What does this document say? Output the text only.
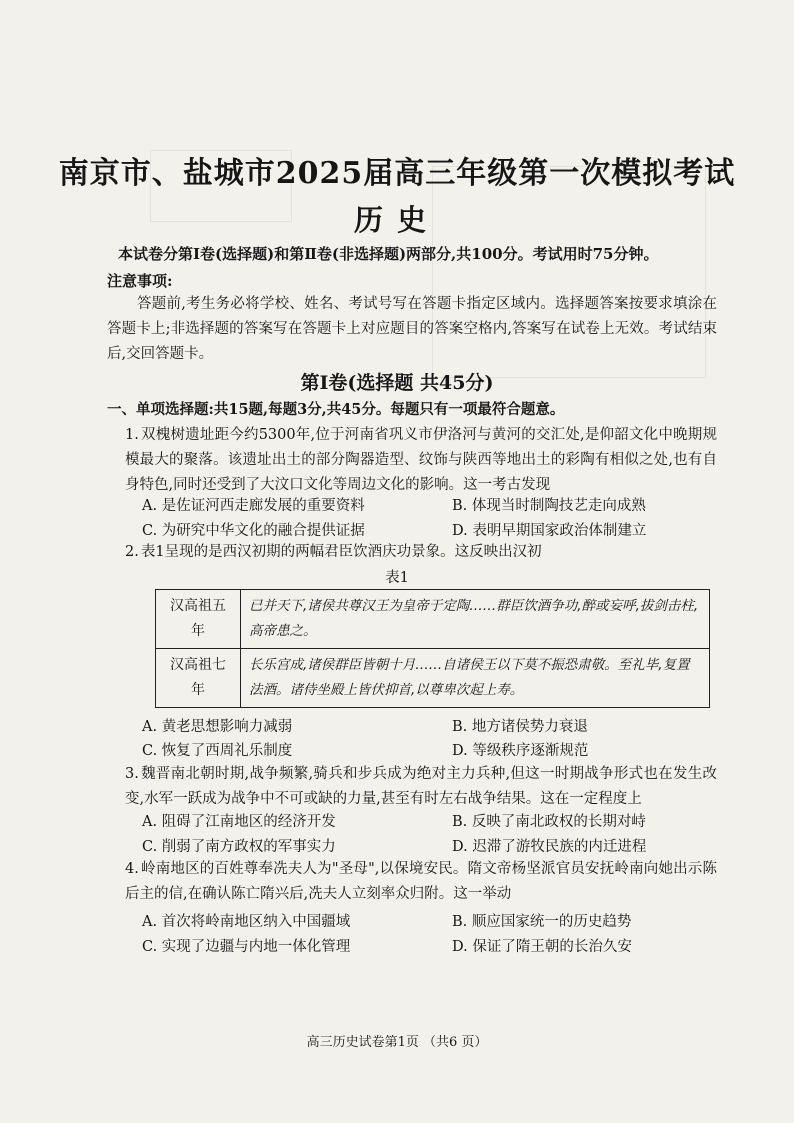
南京市、盐城市2025届高三年级第一次模拟考试
历史
本试卷分第Ⅰ卷(选择题)和第Ⅱ卷(非选择题)两部分,共100分。考试用时75分钟。
注意事项:
答题前,考生务必将学校、姓名、考试号写在答题卡指定区域内。选择题答案按要求填涂在答题卡上;非选择题的答案写在答题卡上对应题目的答案空格内,答案写在试卷上无效。考试结束后,交回答题卡。
第Ⅰ卷(选择题 共45分)
一、单项选择题:共15题,每题3分,共45分。每题只有一项最符合题意。
1. 双槐树遗址距今约5300年,位于河南省巩义市伊洛河与黄河的交汇处,是仰韶文化中晚期规模最大的聚落。该遗址出土的部分陶器造型、纹饰与陕西等地出土的彩陶有相似之处,也有自身特色,同时还受到了大汶口文化等周边文化的影响。这一考古发现
A. 是佐证河西走廊发展的重要资料	B. 体现当时制陶技艺走向成熟
C. 为研究中华文化的融合提供证据	D. 表明早期国家政治体制建立
2. 表1呈现的是西汉初期的两幅君臣饮酒庆功景象。这反映出汉初
表1
汉高祖五年	已并天下,诸侯共尊汉王为皇帝于定陶……群臣饮酒争功,醉或妄呼,拔剑击柱,高帝患之。
汉高祖七年	长乐宫成,诸侯群臣皆朝十月……自诸侯王以下莫不振恐肃敬。至礼毕,复置法酒。诸侍坐殿上皆伏抑首,以尊卑次起上寿。
A. 黄老思想影响力减弱	B. 地方诸侯势力衰退
C. 恢复了西周礼乐制度	D. 等级秩序逐渐规范
3. 魏晋南北朝时期,战争频繁,骑兵和步兵成为绝对主力兵种,但这一时期战争形式也在发生改变,水军一跃成为战争中不可或缺的力量,甚至有时左右战争结果。这在一定程度上
A. 阻碍了江南地区的经济开发	B. 反映了南北政权的长期对峙
C. 削弱了南方政权的军事实力	D. 迟滞了游牧民族的内迁进程
4. 岭南地区的百姓尊奉冼夫人为"圣母",以保境安民。隋文帝杨坚派官员安抚岭南向她出示陈后主的信,在确认陈亡隋兴后,冼夫人立刻率众归附。这一举动
A. 首次将岭南地区纳入中国疆域	B. 顺应国家统一的历史趋势
C. 实现了边疆与内地一体化管理	D. 保证了隋王朝的长治久安
高三历史试卷第1页 （共6 页）
